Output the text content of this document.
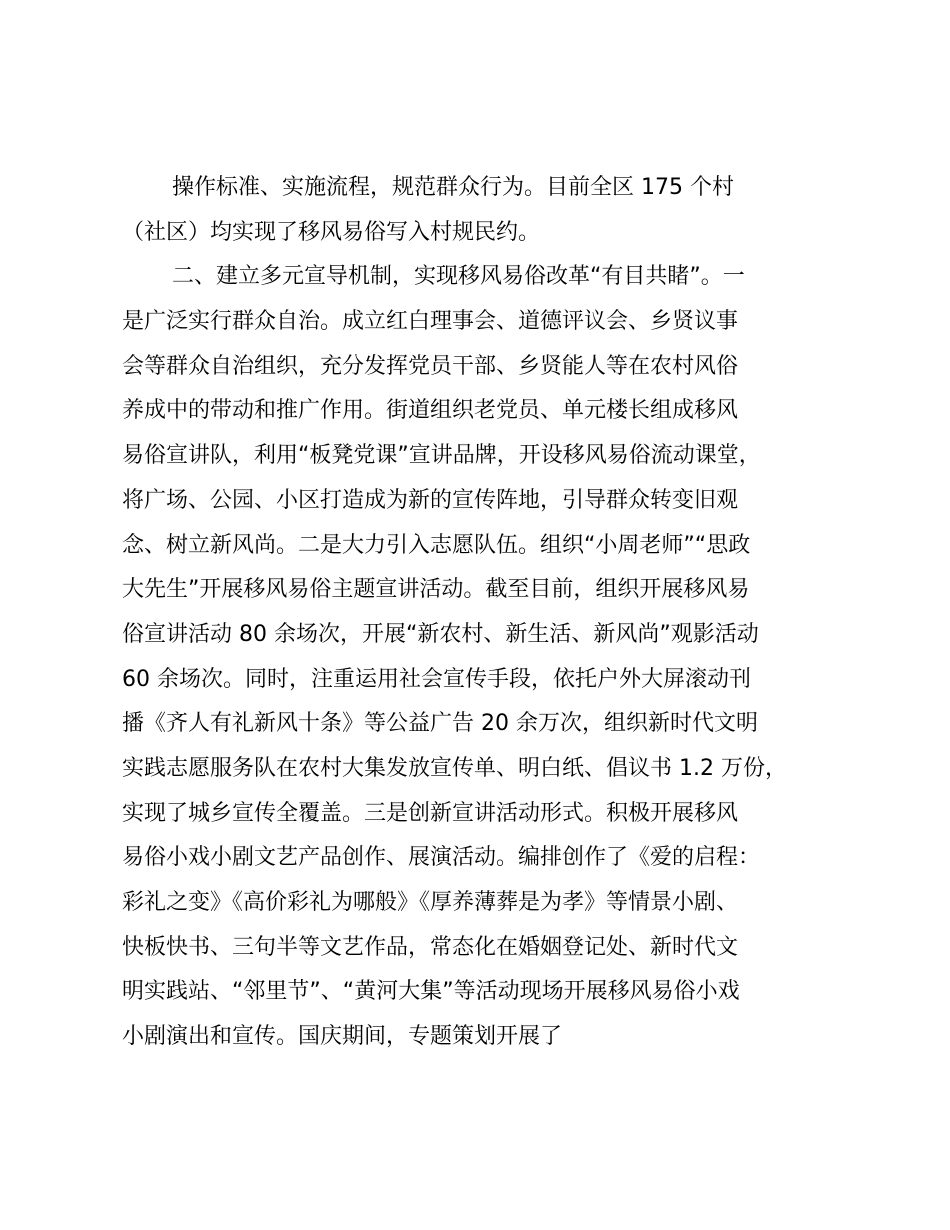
操作标准、实施流程，规范群众行为。目前全区 175 个村
（社区）均实现了移风易俗写入村规民约。
二、建立多元宣导机制，实现移风易俗改革“有目共睹”。一
是广泛实行群众自治。成立红白理事会、道德评议会、乡贤议事
会等群众自治组织，充分发挥党员干部、乡贤能人等在农村风俗
养成中的带动和推广作用。街道组织老党员、单元楼长组成移风
易俗宣讲队，利用“板凳党课”宣讲品牌，开设移风易俗流动课堂，
将广场、公园、小区打造成为新的宣传阵地，引导群众转变旧观
念、树立新风尚。二是大力引入志愿队伍。组织“小周老师”“思政
大先生”开展移风易俗主题宣讲活动。截至目前，组织开展移风易
俗宣讲活动 80 余场次，开展“新农村、新生活、新风尚”观影活动
60 余场次。同时，注重运用社会宣传手段，依托户外大屏滚动刊
播《齐人有礼新风十条》等公益广告 20 余万次，组织新时代文明
实践志愿服务队在农村大集发放宣传单、明白纸、倡议书 1.2 万份，
实现了城乡宣传全覆盖。三是创新宣讲活动形式。积极开展移风
易俗小戏小剧文艺产品创作、展演活动。编排创作了《爱的启程：
彩礼之变》《高价彩礼为哪般》《厚养薄葬是为孝》等情景小剧、
快板快书、三句半等文艺作品，常态化在婚姻登记处、新时代文
明实践站、“邻里节”、“黄河大集”等活动现场开展移风易俗小戏
小剧演出和宣传。国庆期间，专题策划开展了
